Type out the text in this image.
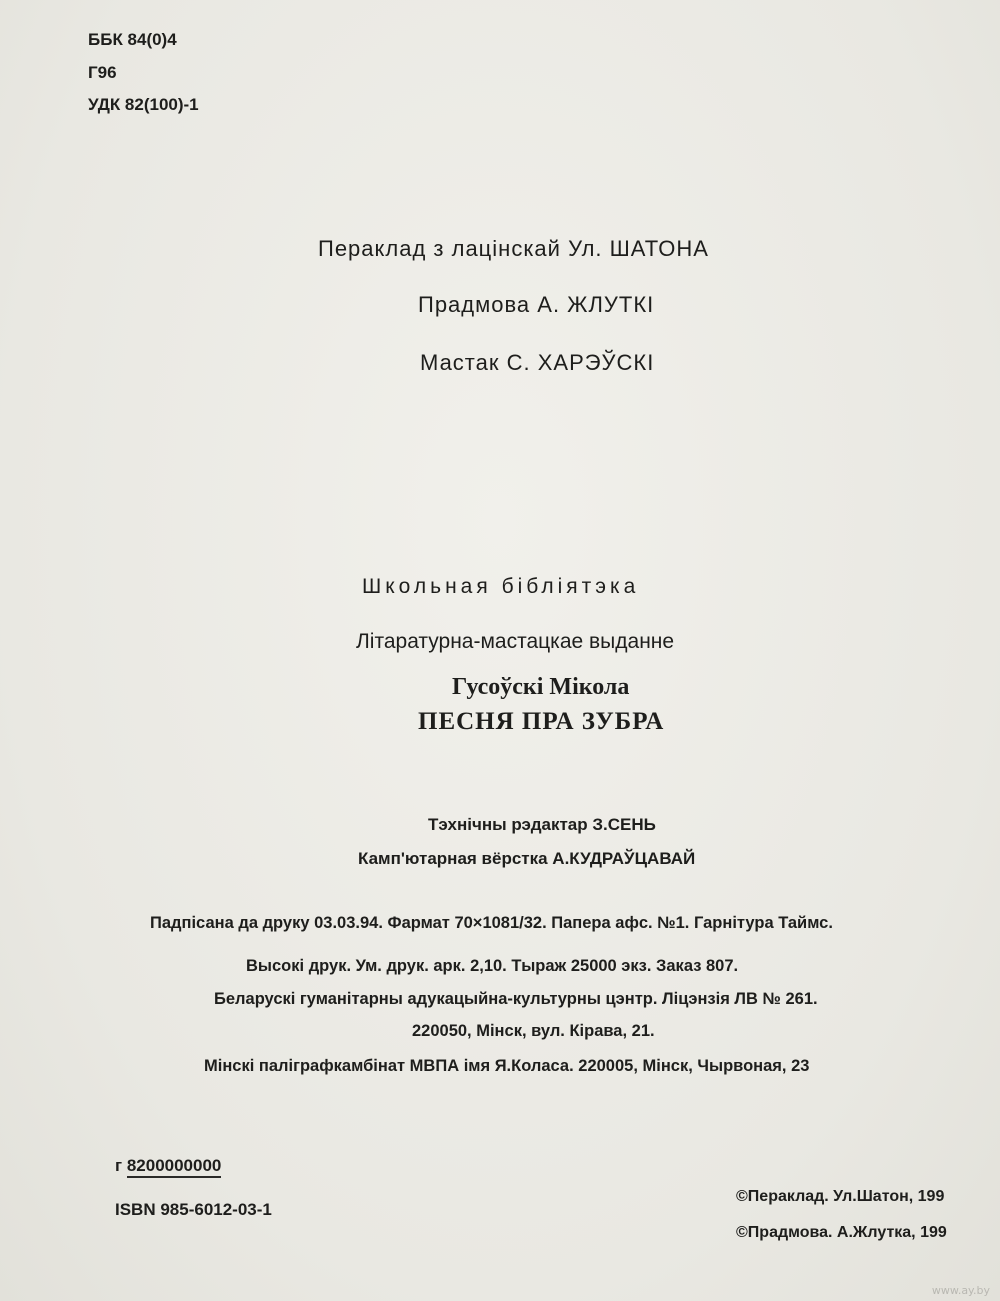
ББК 84(0)4
Г96
УДК 82(100)-1
Пераклад з лацінскай Ул. ШАТОНА
Прадмова А. ЖЛУТКІ
Мастак С. ХАРЭЎСКІ
Школьная бібліятэка
Літаратурна-мастацкае выданне
Гусоўскі Мікола
ПЕСНЯ ПРА ЗУБРА
Тэхнічны рэдактар З.СЕНЬ
Камп'ютарная вёрстка А.КУДРАЎЦАВАЙ
Падпісана да друку 03.03.94. Фармат 70×1081/32. Папера афс. №1. Гарнітура Таймс.
Высокі друк. Ум. друк. арк. 2,10. Тыраж 25000 экз. Заказ 807.
Беларускі гуманітарны адукацыйна-культурны цэнтр. Ліцэнзія ЛВ № 261.
220050, Мінск, вул. Кірава, 21.
Мінскі паліграфкамбінат МВПА імя Я.Коласа. 220005, Мінск, Чырвоная, 23
г 8200000000
ISBN 985-6012-03-1
©Пераклад. Ул.Шатон, 199
©Прадмова. А.Жлутка, 199
www.ay.by
